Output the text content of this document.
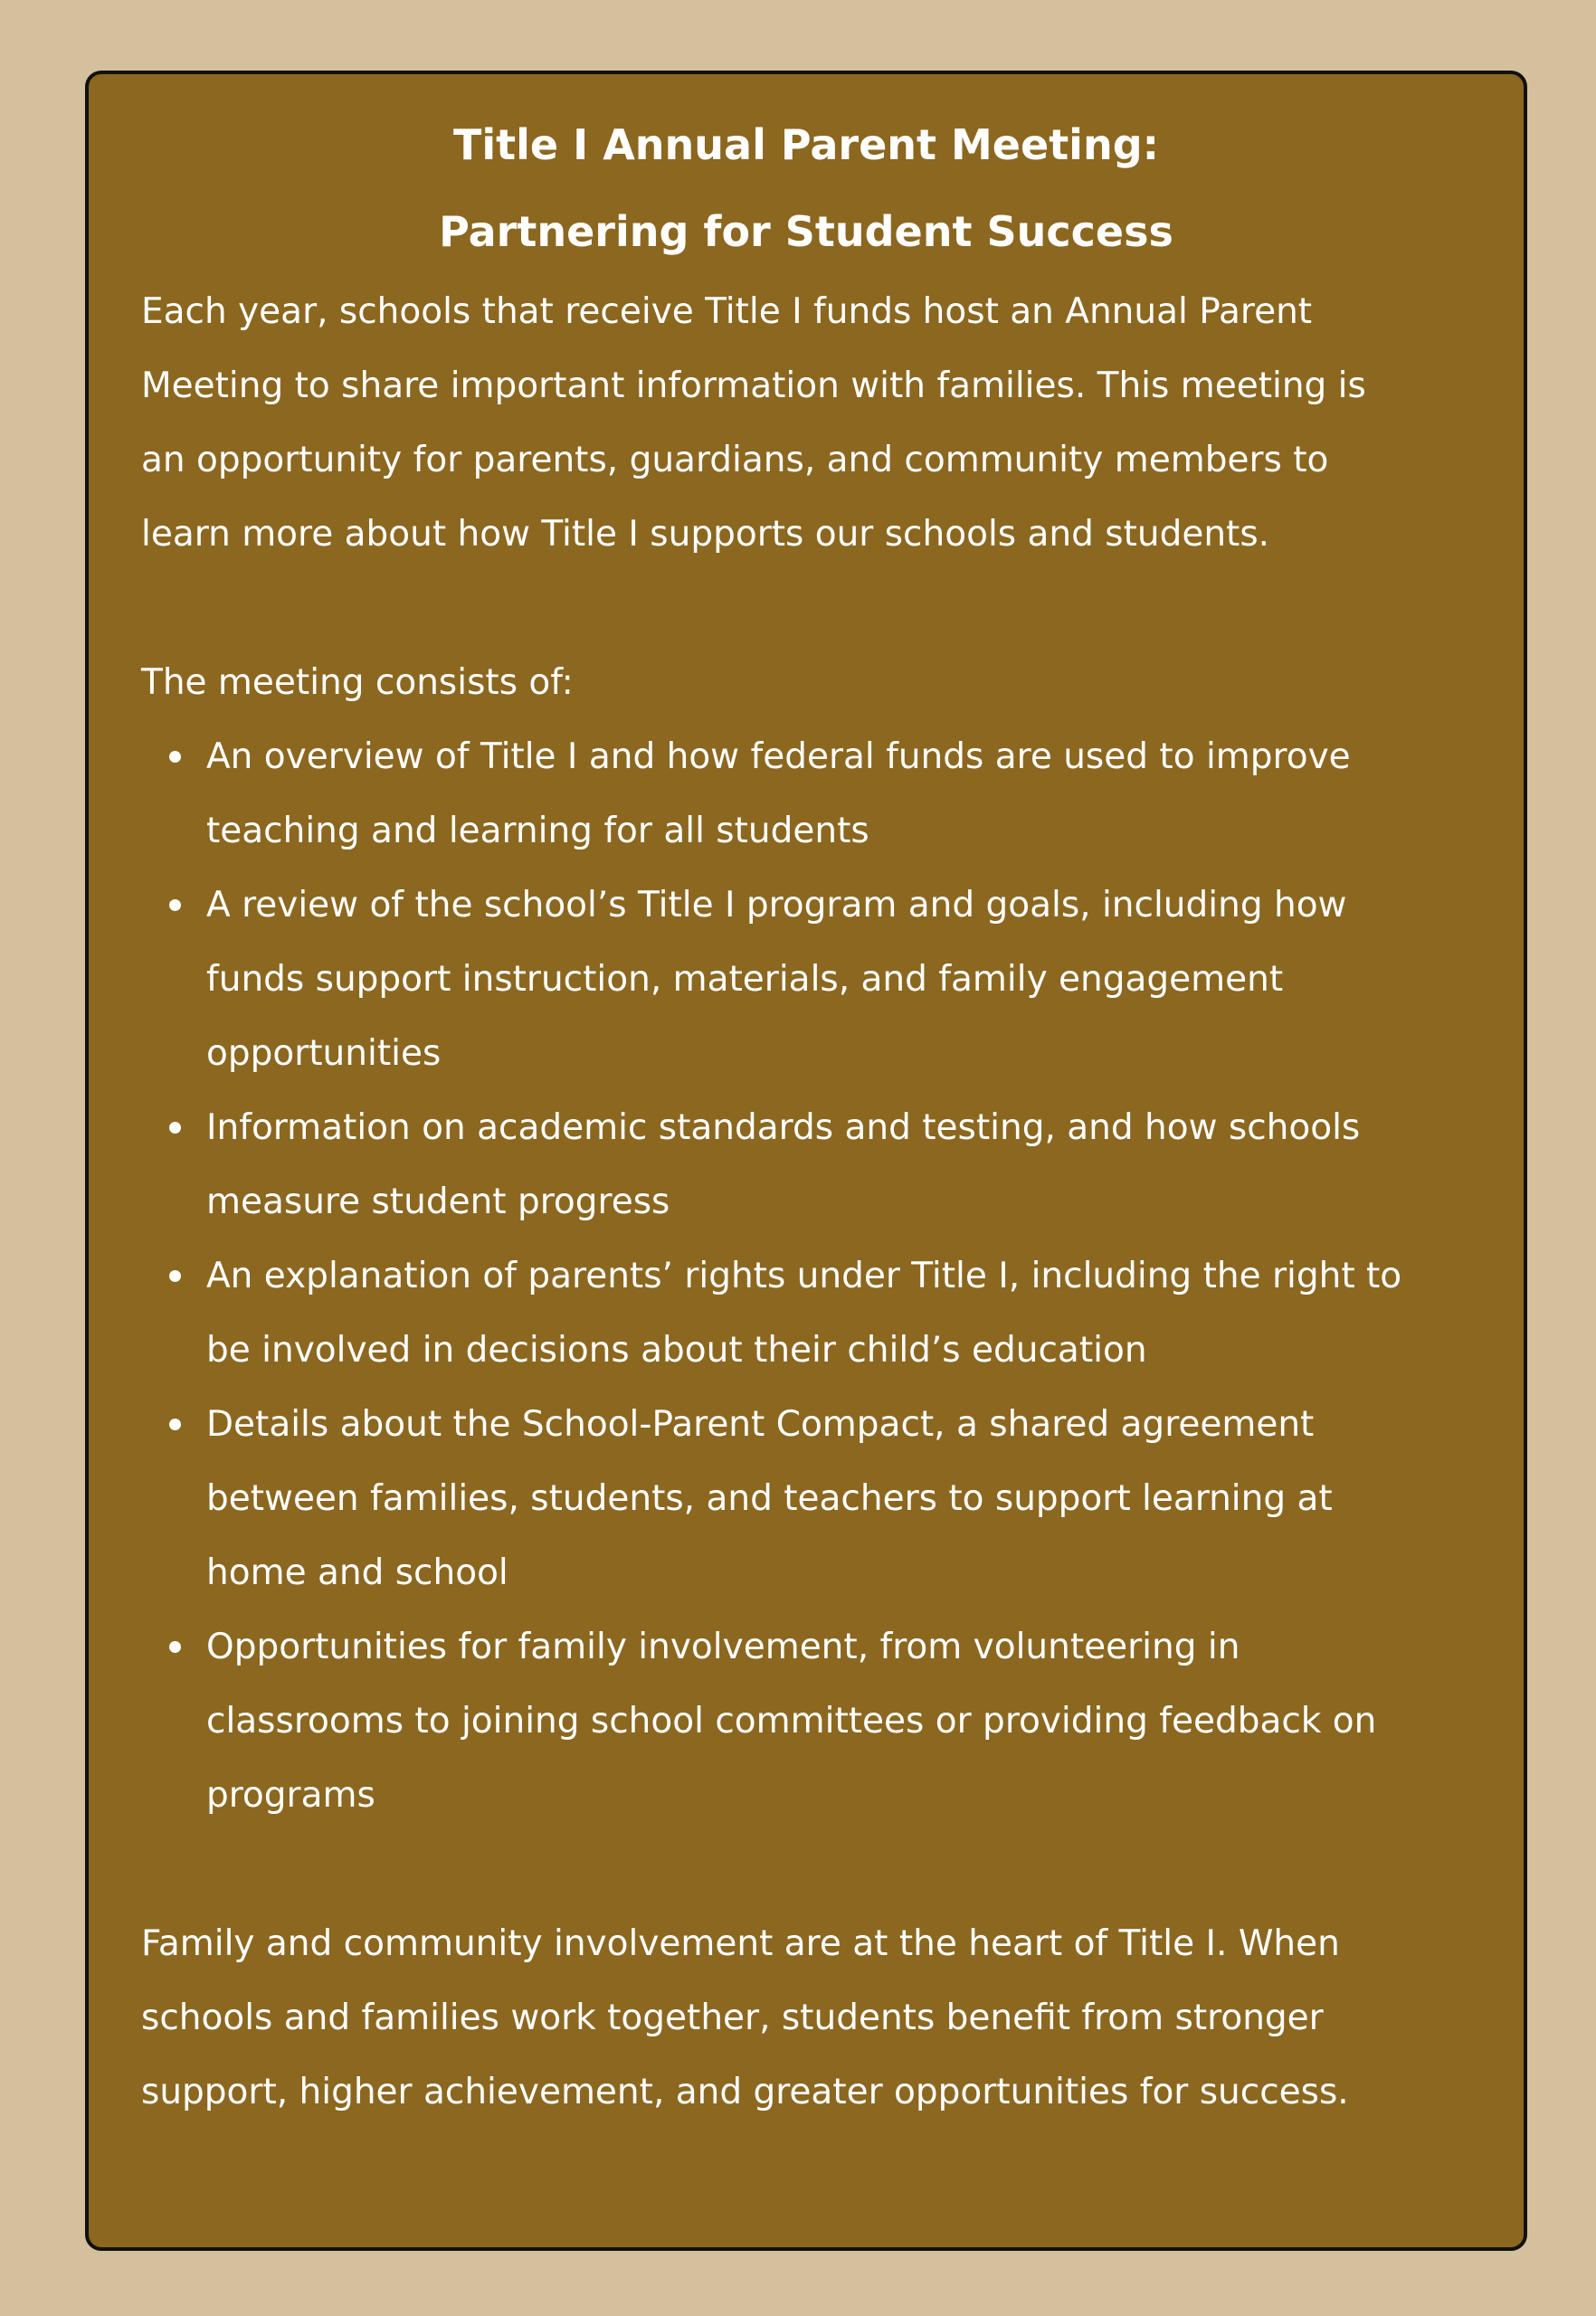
Title I Annual Parent Meeting:
Partnering for Student Success

Each year, schools that receive Title I funds host an Annual Parent Meeting to share important information with families. This meeting is an opportunity for parents, guardians, and community members to learn more about how Title I supports our schools and students.

The meeting consists of:

An overview of Title I and how federal funds are used to improve teaching and learning for all students
A review of the school’s Title I program and goals, including how funds support instruction, materials, and family engagement opportunities
Information on academic standards and testing, and how schools measure student progress
An explanation of parents’ rights under Title I, including the right to be involved in decisions about their child’s education
Details about the School-Parent Compact, a shared agreement between families, students, and teachers to support learning at home and school
Opportunities for family involvement, from volunteering in classrooms to joining school committees or providing feedback on programs

Family and community involvement are at the heart of Title I. When schools and families work together, students benefit from stronger support, higher achievement, and greater opportunities for success.
